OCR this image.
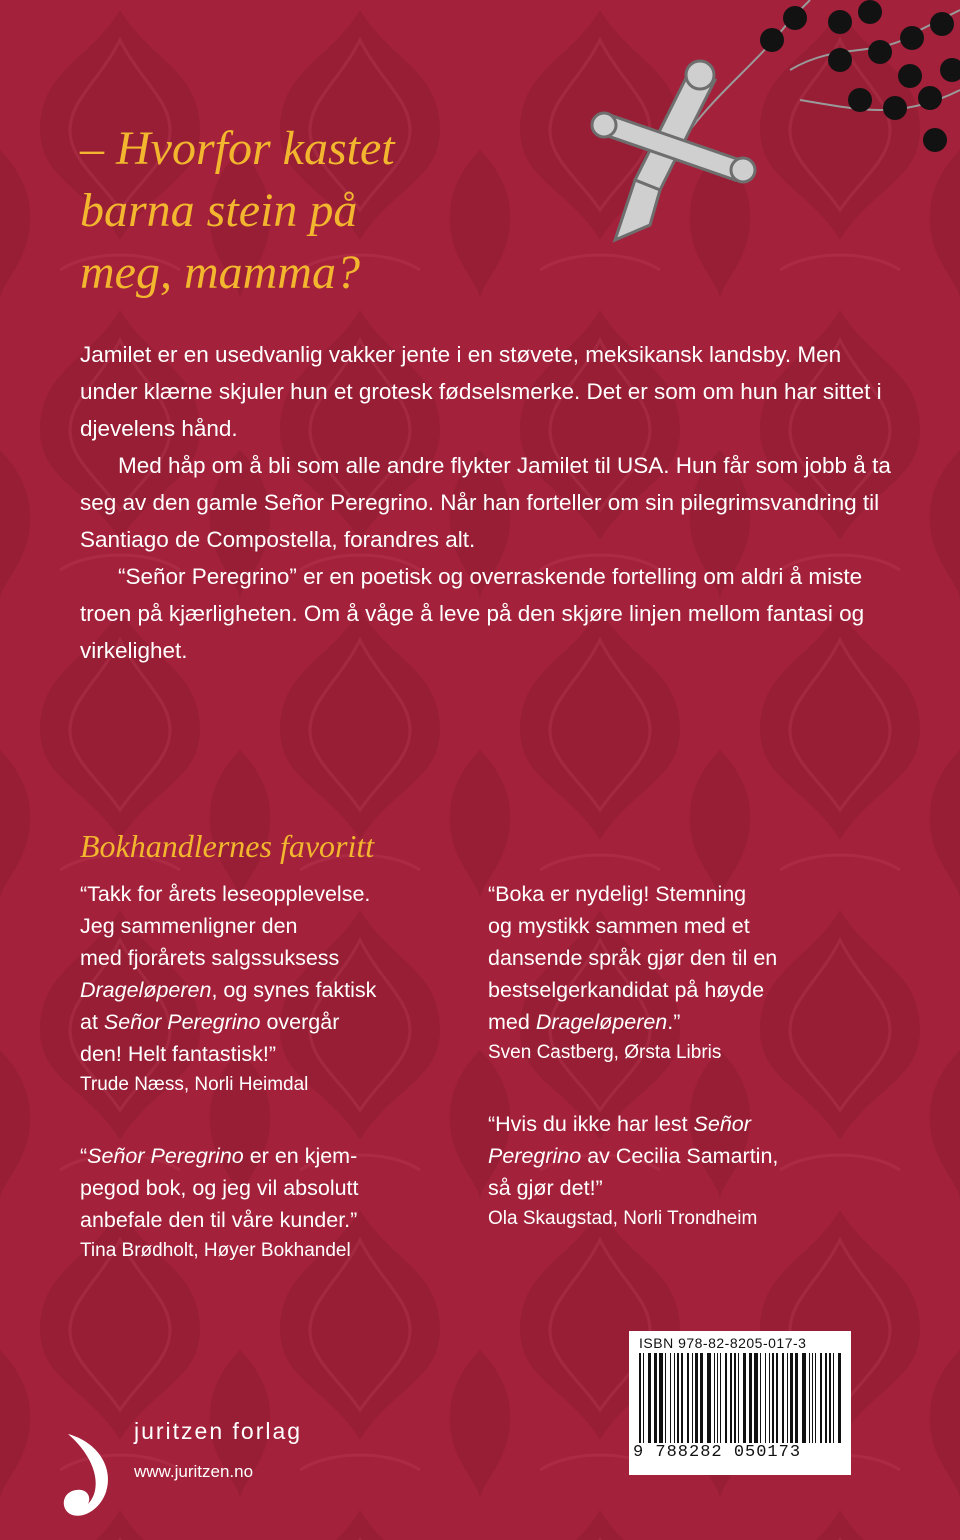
– Hvorfor kastet
barna stein på
meg, mamma?

Jamilet er en usedvanlig vakker jente i en støvete, meksikansk landsby. Men under klærne skjuler hun et grotesk fødselsmerke. Det er som om hun har sittet i djevelens hånd.

Med håp om å bli som alle andre flykter Jamilet til USA. Hun får som jobb å ta seg av den gamle Señor Peregrino. Når han forteller om sin pilegrimsvandring til Santiago de Compostella, forandres alt.

“Señor Peregrino” er en poetisk og overraskende fortelling om aldri å miste troen på kjærligheten. Om å våge å leve på den skjøre linjen mellom fantasi og virkelighet.

Bokhandlernes favoritt
“Takk for årets leseopplevelse.
Jeg sammenligner den
med fjorårets salgssuksess
Drageløperen, og synes faktisk
at Señor Peregrino overgår
den! Helt fantastisk!”
Trude Næss, Norli Heimdal
“Señor Peregrino er en kjem-
pegod bok, og jeg vil absolutt
anbefale den til våre kunder.”
Tina Brødholt, Høyer Bokhandel
“Boka er nydelig! Stemning
og mystikk sammen med et
dansende språk gjør den til en
bestselgerkandidat på høyde
med Drageløperen.”
Sven Castberg, Ørsta Libris
“Hvis du ikke har lest Señor
Peregrino av Cecilia Samartin,
så gjør det!”
Ola Skaugstad, Norli Trondheim
juritzen forlag
www.juritzen.no
ISBN 978-82-8205-017-3
9 788282 050173
